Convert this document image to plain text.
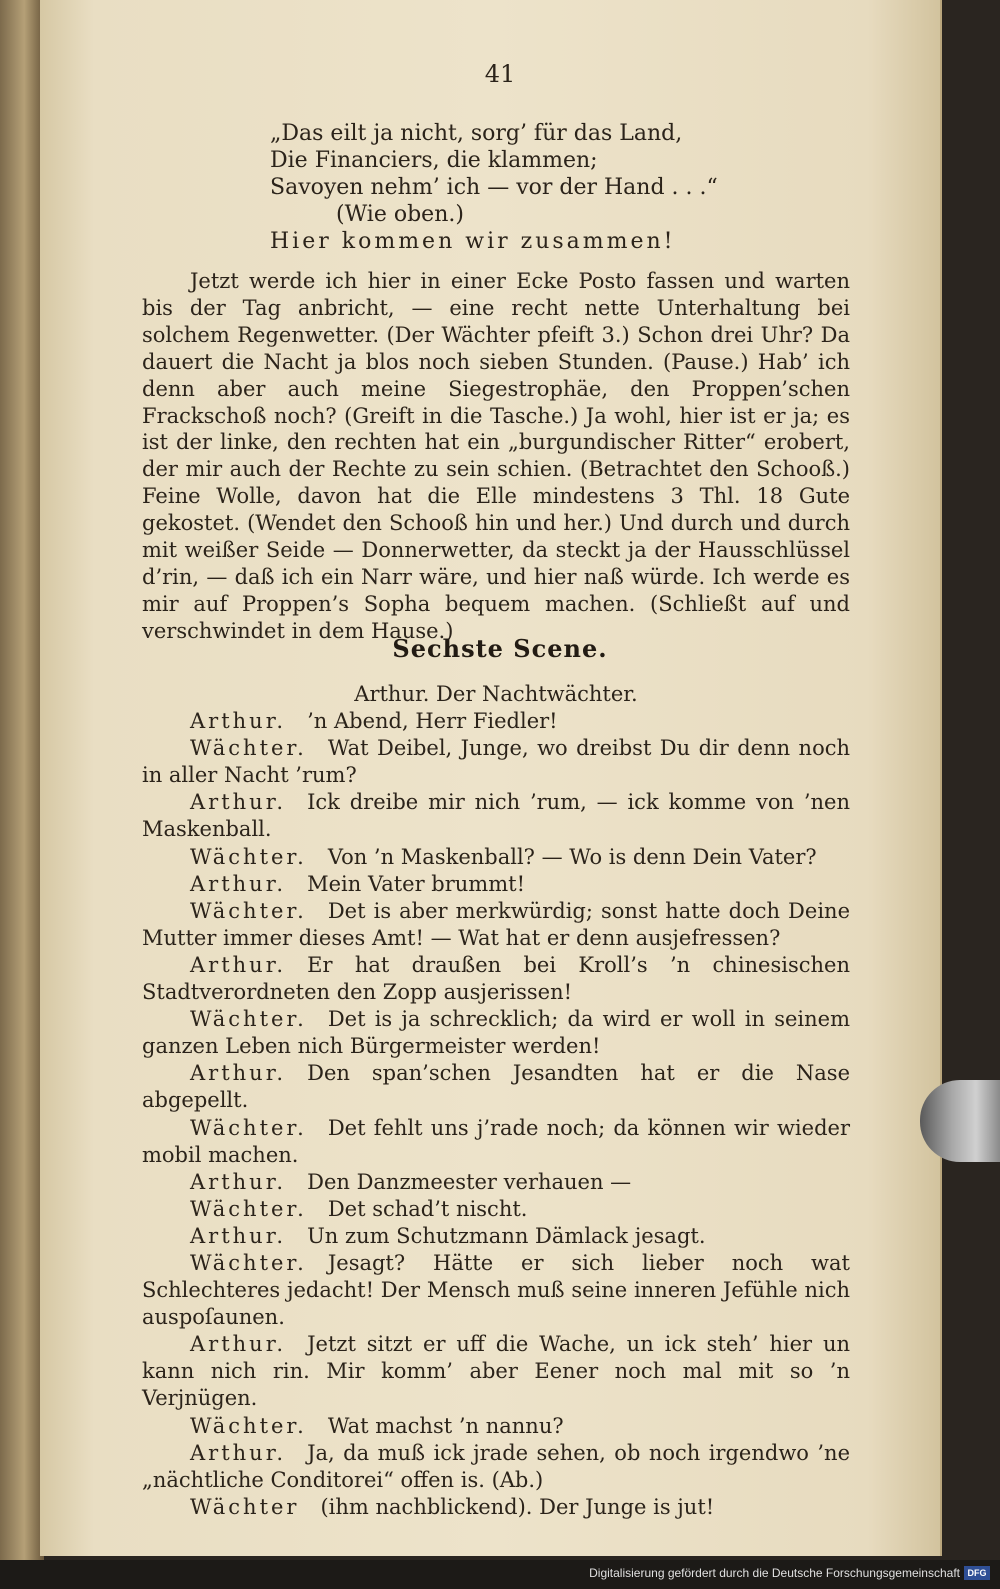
41
„Das eilt ja nicht, sorg’ für das Land,
Die Financiers, die klammen;
Savoyen nehm’ ich — vor der Hand . . .“
(Wie oben.)
Hier kommen wir zusammen!

Jetzt werde ich hier in einer Ecke Posto fassen und warten bis der Tag anbricht, — eine recht nette Unterhaltung bei solchem Regenwetter. (Der Wächter pfeift 3.) Schon drei Uhr? Da dauert die Nacht ja blos noch sieben Stunden. (Pause.) Hab’ ich denn aber auch meine Siegestrophäe, den Proppen’schen Frackschoß noch? (Greift in die Tasche.) Ja wohl, hier ist er ja; es ist der linke, den rechten hat ein „burgundischer Ritter“ erobert, der mir auch der Rechte zu sein schien. (Betrachtet den Schooß.) Feine Wolle, davon hat die Elle mindestens 3 Thl. 18 Gute gekostet. (Wendet den Schooß hin und her.) Und durch und durch mit weißer Seide — Donnerwetter, da steckt ja der Hausschlüssel d’rin, — daß ich ein Narr wäre, und hier naß würde. Ich werde es mir auf Proppen’s Sopha bequem machen. (Schließt auf und verschwindet in dem Hause.)

Sechste Scene.
Arthur. Der Nachtwächter.
Arthur.  ’n Abend, Herr Fiedler!
Wächter.  Wat Deibel, Junge, wo dreibst Du dir denn noch in aller Nacht ’rum?
Arthur.  Ick dreibe mir nich ’rum, — ick komme von ’nen Maskenball.
Wächter.  Von ’n Maskenball? — Wo is denn Dein Vater?
Arthur.  Mein Vater brummt!
Wächter.  Det is aber merkwürdig; sonst hatte doch Deine Mutter immer dieses Amt! — Wat hat er denn ausjefressen?
Arthur.  Er hat draußen bei Kroll’s ’n chinesischen Stadtverordneten den Zopp ausjerissen!
Wächter.  Det is ja schrecklich; da wird er woll in seinem ganzen Leben nich Bürgermeister werden!
Arthur.  Den span’schen Jesandten hat er die Nase abgepellt.
Wächter.  Det fehlt uns j’rade noch; da können wir wieder mobil machen.
Arthur.  Den Danzmeester verhauen —
Wächter.  Det schad’t nischt.
Arthur.  Un zum Schutzmann Dämlack jesagt.
Wächter.  Jesagt? Hätte er sich lieber noch wat Schlechteres jedacht! Der Mensch muß seine inneren Jefühle nich auspoſaunen.
Arthur.  Jetzt sitzt er uff die Wache, un ick steh’ hier un kann nich rin. Mir komm’ aber Eener noch mal mit so ’n Verjnügen.
Wächter.  Wat machst ’n nannu?
Arthur.  Ja, da muß ick jrade sehen, ob noch irgendwo ’ne „nächtliche Conditorei“ offen is. (Ab.)
Wächter  (ihm nachblickend). Der Junge is jut!
Digitalisierung gefördert durch die Deutsche Forschungsgemeinschaft DFG
